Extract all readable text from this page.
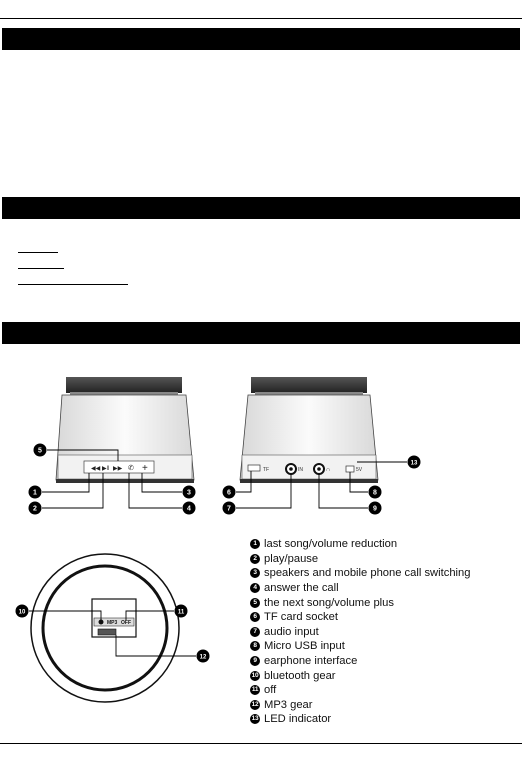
◀◀ ▶‖ ▶▶ ✆ +	TF	IN	∩	5V
MP3 OFF
5
1
2
3
4
6
7
8
9
13
10	11
12
1 last song/volume reduction
2 play/pause
3 speakers and mobile phone call switching
4 answer the call
5 the next song/volume plus
6 TF card socket
7 audio input
8 Micro USB input
9 earphone interface
10 bluetooth gear
11 off
12 MP3 gear
13 LED indicator
